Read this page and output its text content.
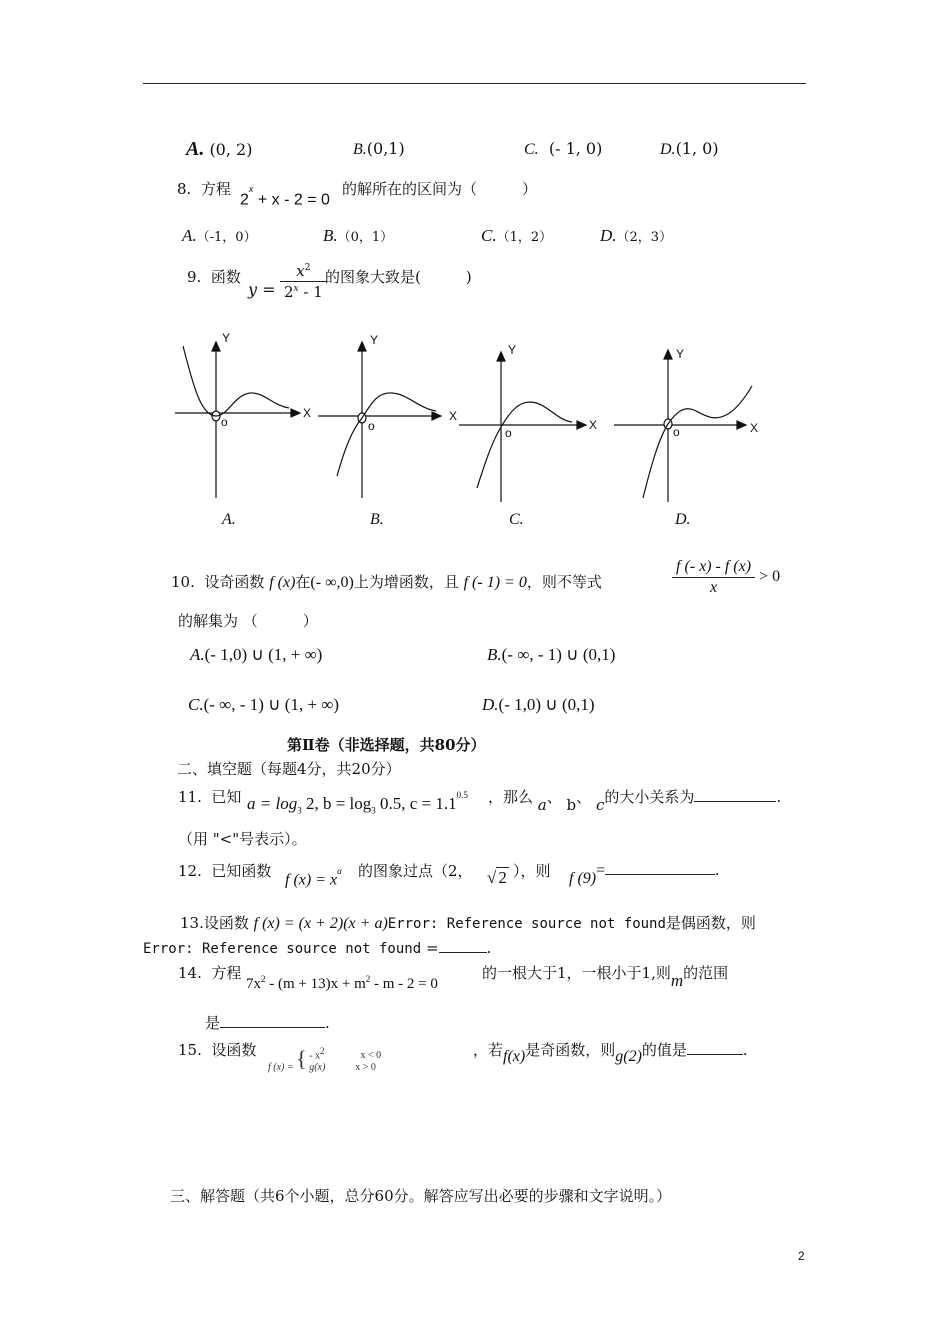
A. (0, 2)	B.(0,1)	C. (- 1, 0)	D.(1, 0)
8. 方程
$2^x + x - 2 = 0$
的解所在的区间为（　　　）
A.（-1，0）	B.（0，1）	C.（1，2）	D.（2，3）
9. 函数
$y = \frac{x^2}{2^x - 1}$
的图象大致是(　　　)
Y
X
o
Y
X
o
Y
X
o
Y
X
o
A.	B.	C.	D.
10. 设奇函数 f (x)在(- ∞,0)上为增函数，且 f (- 1) = 0，则不等式	$\frac{f (- x) - f (x)}{x} > 0$
的解集为 （　　　）
A.(- 1,0) ∪ (1, + ∞)	B.(- ∞, - 1) ∪ (0,1)
C.(- ∞, - 1) ∪ (1, + ∞)	D.(- 1,0) ∪ (0,1)
第Ⅱ卷（非选择题，共80分）
二、填空题（每题4分，共20分）
11. 已知 $a = \log_3 2$, $b = \log_3 0.5$, $c = 1.1^{0.5}$ ，那么 a、 b、 c的大小关系为	.
（用 "<"号表示）。
12. 已知函数 f $(x) = x^\alpha$ 的图象过点（2， √ 2 ），则 f (9)=	.
13.设函数 f (x) = (x + 2)(x + a)Error: Reference source not found是偶函数，则
Error: Reference source not found =	.
14. 方程
$7x^2 - (m + 13)x + m^2 - m - 2 = 0$
的一根大于1，一根小于1,则m的范围
是	.
15. 设函数
f (x) = { - $x^2$	x < 0
g(x)	x > 0
，若f(x)是奇函数，则g(2)的值是	.
三、解答题（共6个小题，总分60分。解答应写出必要的步骤和文字说明。）
2
